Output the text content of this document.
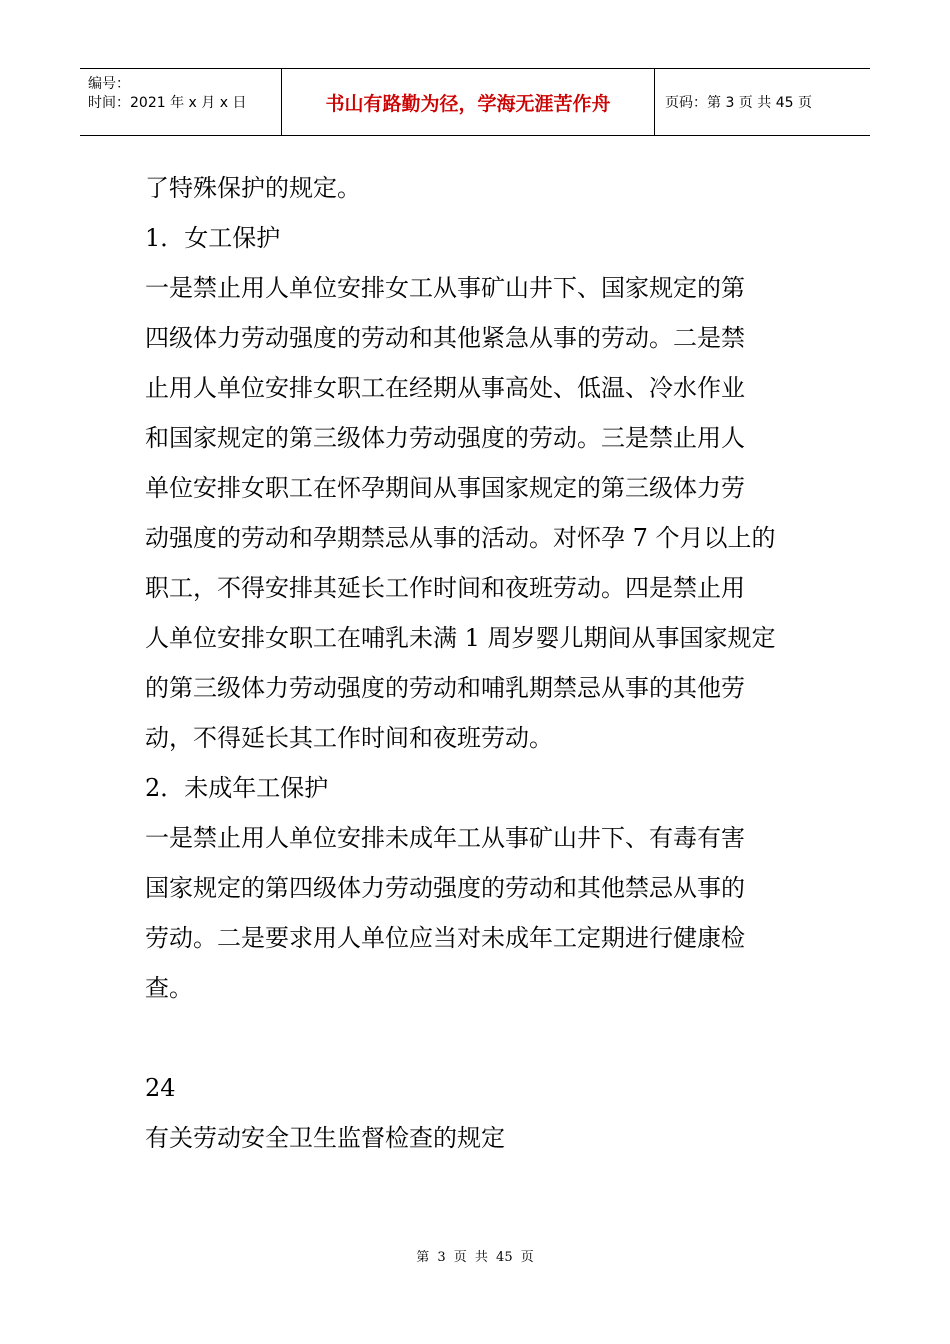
编号：
时间：2021 年 x 月 x 日	书山有路勤为径，学海无涯苦作舟	页码：第 3 页 共 45 页

了特殊保护的规定。

1．女工保护

一是禁止用人单位安排女工从事矿山井下、国家规定的第

四级体力劳动强度的劳动和其他紧急从事的劳动。二是禁

止用人单位安排女职工在经期从事高处、低温、冷水作业

和国家规定的第三级体力劳动强度的劳动。三是禁止用人

单位安排女职工在怀孕期间从事国家规定的第三级体力劳

动强度的劳动和孕期禁忌从事的活动。对怀孕 7 个月以上的

职工，不得安排其延长工作时间和夜班劳动。四是禁止用

人单位安排女职工在哺乳未满 1 周岁婴儿期间从事国家规定

的第三级体力劳动强度的劳动和哺乳期禁忌从事的其他劳

动，不得延长其工作时间和夜班劳动。

2．未成年工保护

一是禁止用人单位安排未成年工从事矿山井下、有毒有害

国家规定的第四级体力劳动强度的劳动和其他禁忌从事的

劳动。二是要求用人单位应当对未成年工定期进行健康检

查。

24

有关劳动安全卫生监督检查的规定

第 3 页 共 45 页
